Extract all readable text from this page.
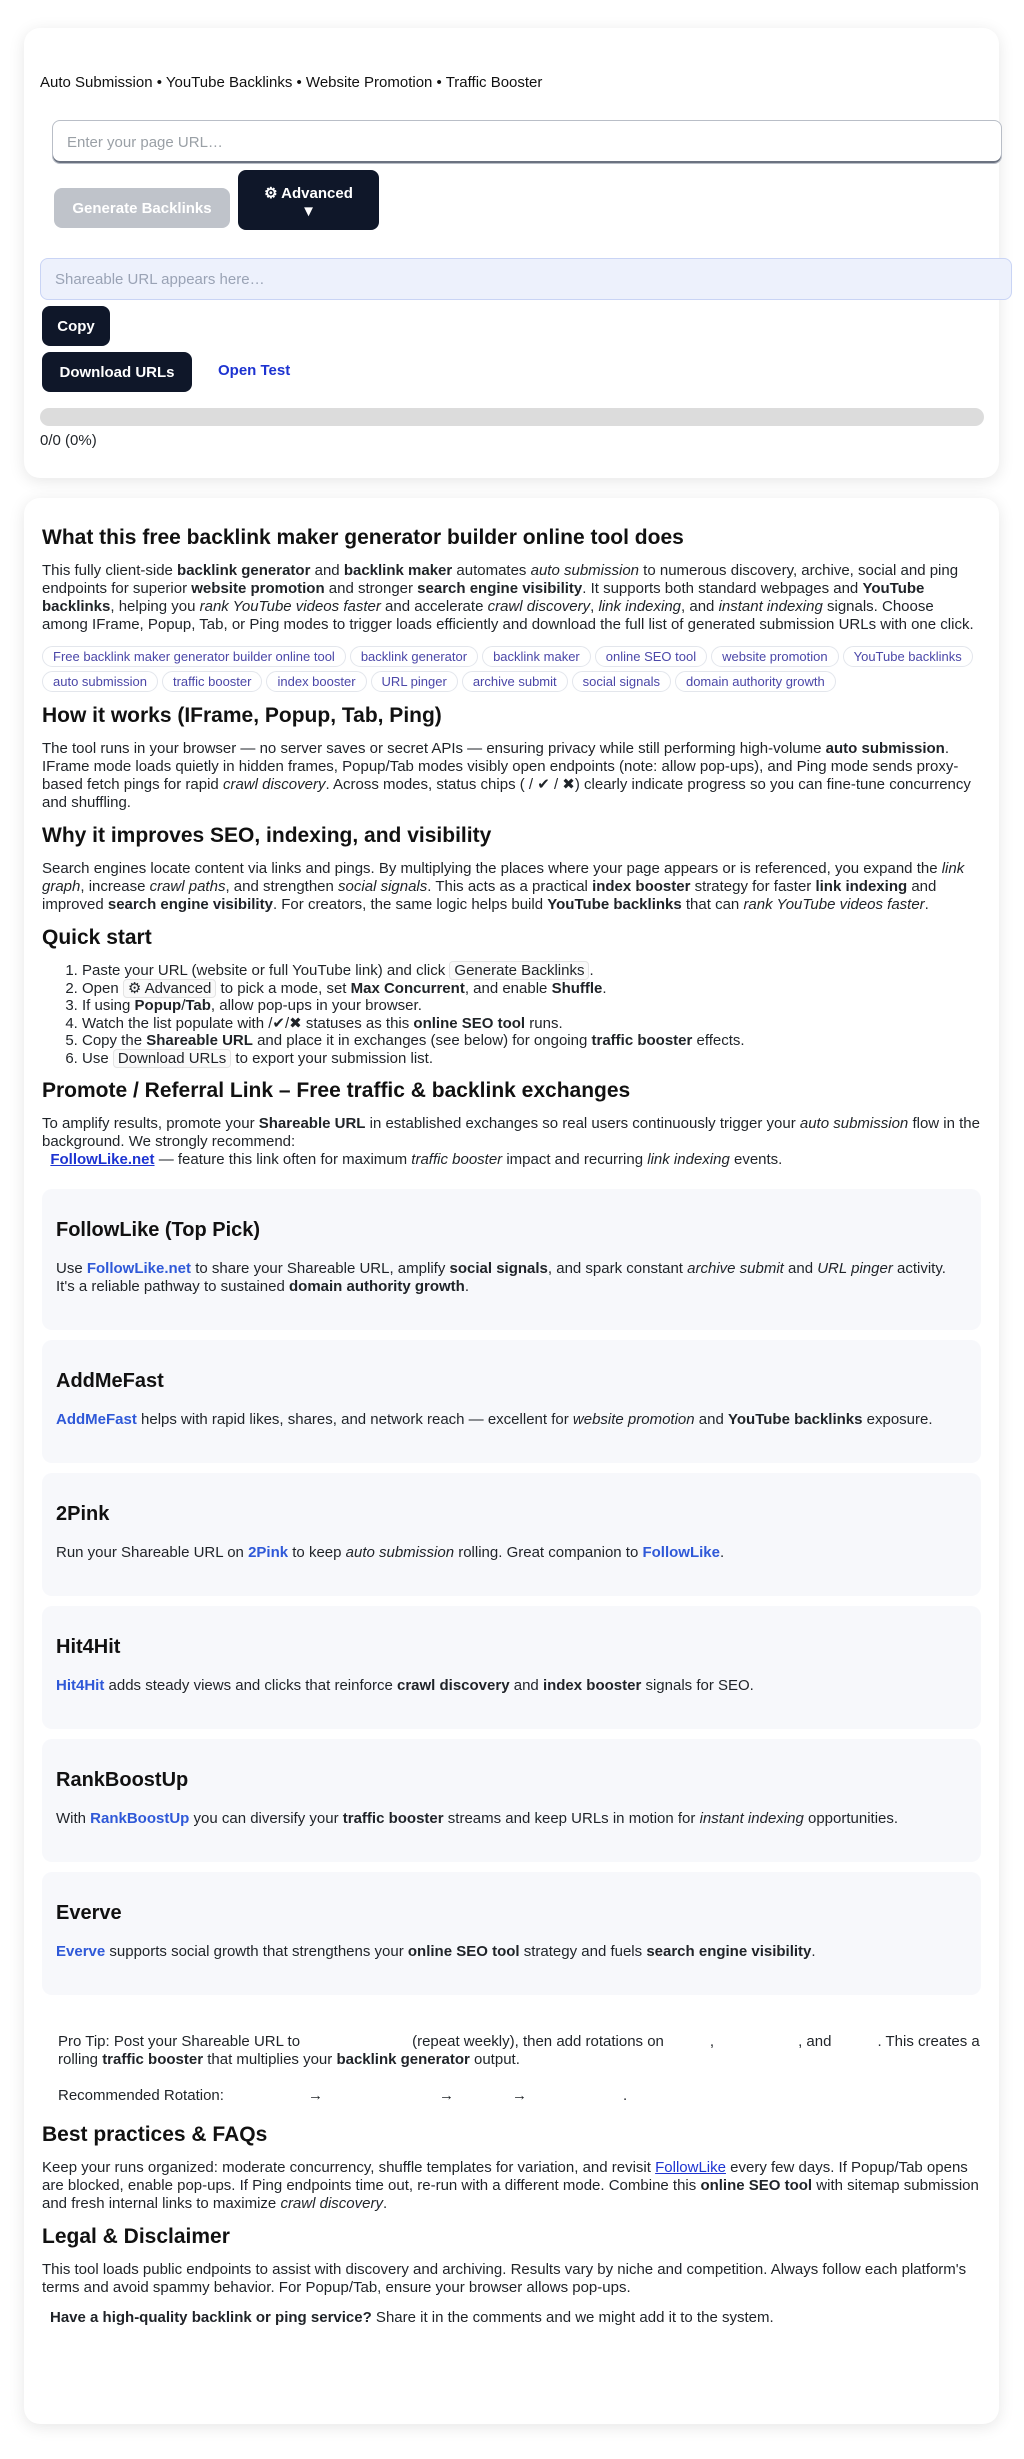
Auto Submission • YouTube Backlinks • Website Promotion • Traffic Booster
Enter your page URL…
Generate Backlinks
⚙ Advanced
▼
Shareable URL appears here…
Copy
Download URLs	Open Test
0/0 (0%)
What this free backlink maker generator builder online tool does

This fully client-side backlink generator and backlink maker automates auto submission to numerous discovery, archive, social and ping endpoints for superior website promotion and stronger search engine visibility. It supports both standard webpages and YouTube backlinks, helping you rank YouTube videos faster and accelerate crawl discovery, link indexing, and instant indexing signals. Choose among IFrame, Popup, Tab, or Ping modes to trigger loads efficiently and download the full list of generated submission URLs with one click.

Free backlink maker generator builder online tool	backlink generator	backlink maker	online SEO tool	website promotion	YouTube backlinks
auto submission	traffic booster	index booster	URL pinger	archive submit	social signals	domain authority growth
How it works (IFrame, Popup, Tab, Ping)

The tool runs in your browser — no server saves or secret APIs — ensuring privacy while still performing high-volume auto submission. IFrame mode loads quietly in hidden frames, Popup/Tab modes visibly open endpoints (note: allow pop-ups), and Ping mode sends proxy-based fetch pings for rapid crawl discovery. Across modes, status chips ( / ✔ / ✖) clearly indicate progress so you can fine-tune concurrency and shuffling.

Why it improves SEO, indexing, and visibility

Search engines locate content via links and pings. By multiplying the places where your page appears or is referenced, you expand the link graph, increase crawl paths, and strengthen social signals. This acts as a practical index booster strategy for faster link indexing and improved search engine visibility. For creators, the same logic helps build YouTube backlinks that can rank YouTube videos faster.

Quick start
1. Paste your URL (website or full YouTube link) and click Generate Backlinks .
2. Open ⚙ Advanced to pick a mode, set Max Concurrent, and enable Shuffle.
3. If using Popup/Tab, allow pop-ups in your browser.
4. Watch the list populate with /✔/✖ statuses as this online SEO tool runs.
5. Copy the Shareable URL and place it in exchanges (see below) for ongoing traffic booster effects.
6. Use Download URLs to export your submission list.
Promote / Referral Link – Free traffic & backlink exchanges

To amplify results, promote your Shareable URL in established exchanges so real users continuously trigger your auto submission flow in the background. We strongly recommend:
FollowLike.net — feature this link often for maximum traffic booster impact and recurring link indexing events.

FollowLike (Top Pick)

Use FollowLike.net to share your Shareable URL, amplify social signals, and spark constant archive submit and URL pinger activity. It's a reliable pathway to sustained domain authority growth.

AddMeFast

AddMeFast helps with rapid likes, shares, and network reach — excellent for website promotion and YouTube backlinks exposure.

2Pink

Run your Shareable URL on 2Pink to keep auto submission rolling. Great companion to FollowLike.

Hit4Hit

Hit4Hit adds steady views and clicks that reinforce crawl discovery and index booster signals for SEO.

RankBoostUp

With RankBoostUp you can diversify your traffic booster streams and keep URLs in motion for instant indexing opportunities.

Everve

Everve supports social growth that strengthens your online SEO tool strategy and fuels search engine visibility.

Pro Tip: Post your Shareable URL to	(repeat weekly), then add rotations on	,	, and	. This creates a rolling traffic booster that multiplies your backlink generator output.

Recommended Rotation:	→	→	→	.

Best practices & FAQs

Keep your runs organized: moderate concurrency, shuffle templates for variation, and revisit FollowLike every few days. If Popup/Tab opens are blocked, enable pop-ups. If Ping endpoints time out, re-run with a different mode. Combine this online SEO tool with sitemap submission and fresh internal links to maximize crawl discovery.

Legal & Disclaimer

This tool loads public endpoints to assist with discovery and archiving. Results vary by niche and competition. Always follow each platform's terms and avoid spammy behavior. For Popup/Tab, ensure your browser allows pop-ups.

Have a high-quality backlink or ping service? Share it in the comments and we might add it to the system.
